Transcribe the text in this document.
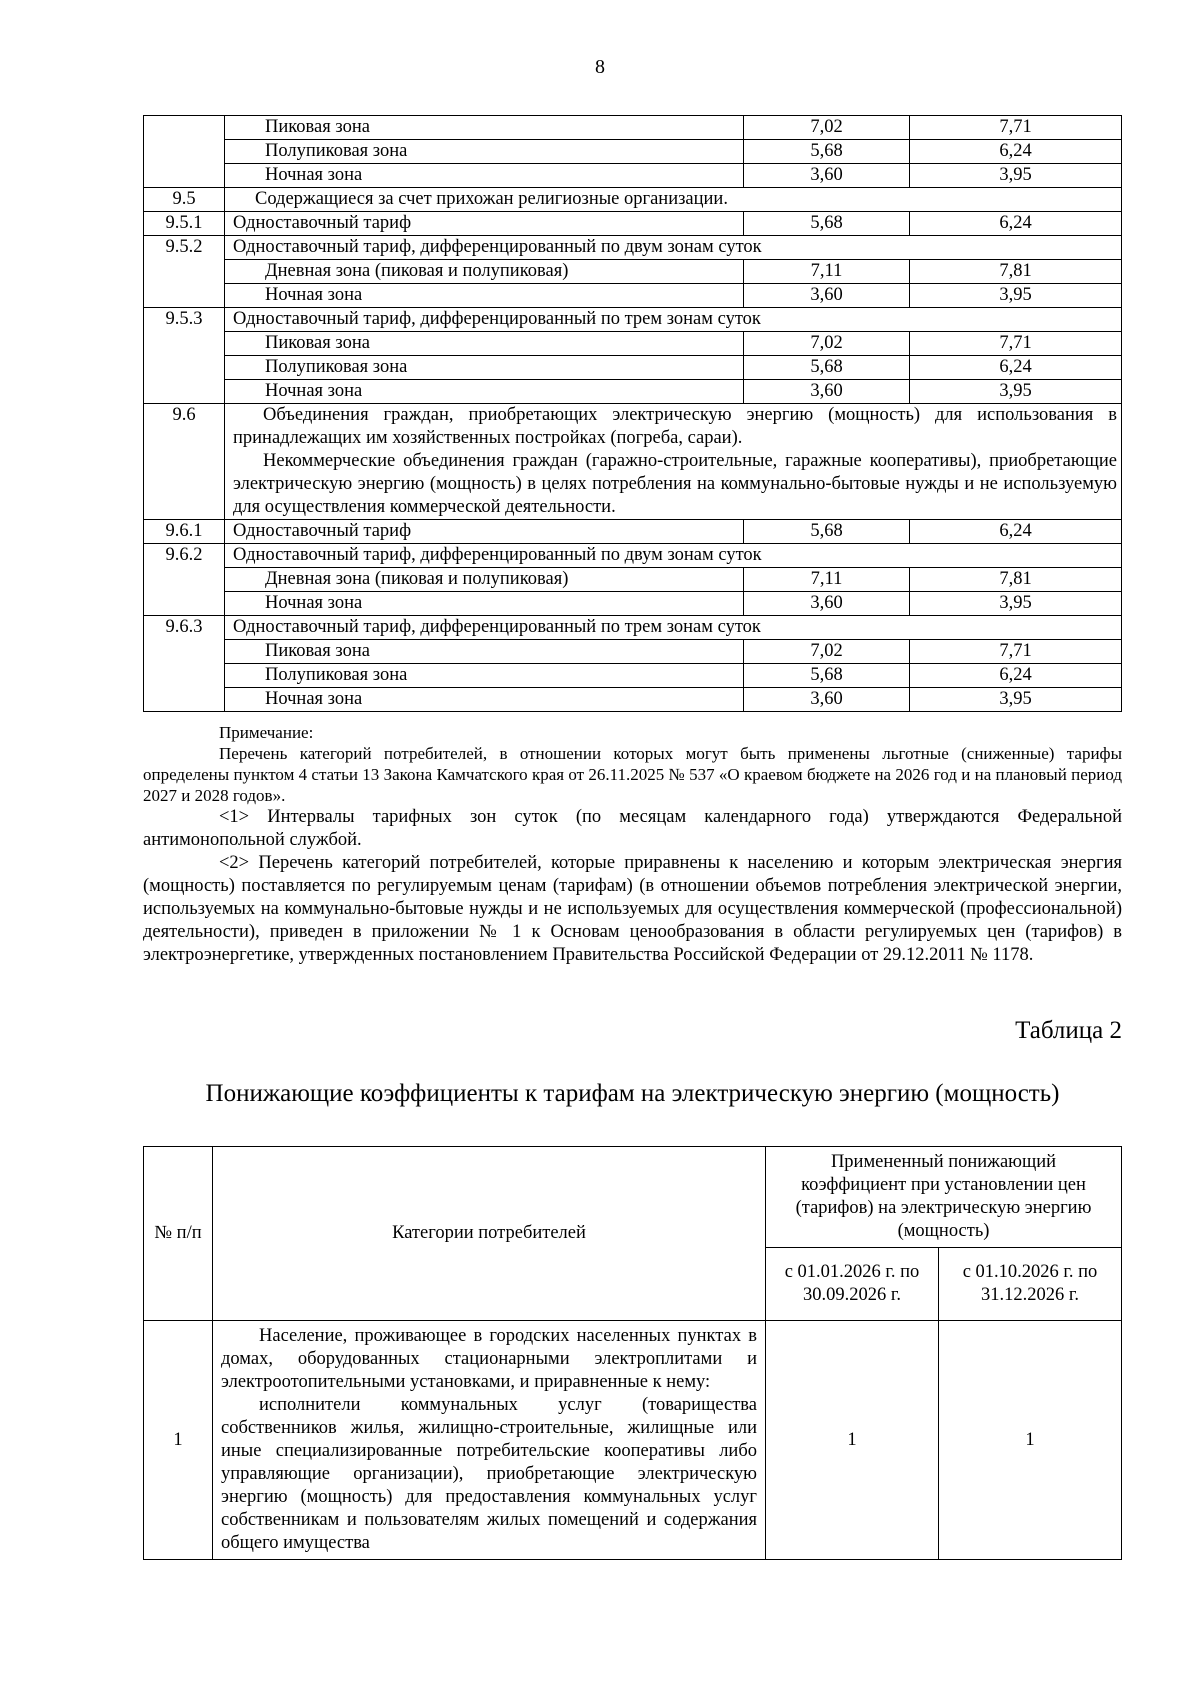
8
	Пиковая зона	7,02	7,71
	Полупиковая зона	5,68	6,24
	Ночная зона	3,60	3,95
9.5	Содержащиеся за счет прихожан религиозные организации.		
9.5.1	Одноставочный тариф	5,68	6,24
9.5.2	Одноставочный тариф, дифференцированный по двум зонам суток		
	Дневная зона (пиковая и полупиковая)	7,11	7,81
	Ночная зона	3,60	3,95
9.5.3	Одноставочный тариф, дифференцированный по трем зонам суток		
	Пиковая зона	7,02	7,71
	Полупиковая зона	5,68	6,24
	Ночная зона	3,60	3,95
9.6	Объединения граждан, приобретающих электрическую энергию (мощность) для использования в принадлежащих им хозяйственных постройках (погреба, сараи).
Некоммерческие объединения граждан (гаражно-строительные, гаражные кооперативы), приобретающие электрическую энергию (мощность) в целях потребления на коммунально-бытовые нужды и не используемую для осуществления коммерческой деятельности.		

9.6.1	Одноставочный тариф	5,68	6,24
9.6.2	Одноставочный тариф, дифференцированный по двум зонам суток		
	Дневная зона (пиковая и полупиковая)	7,11	7,81
	Ночная зона	3,60	3,95
9.6.3	Одноставочный тариф, дифференцированный по трем зонам суток		
	Пиковая зона	7,02	7,71
	Полупиковая зона	5,68	6,24
	Ночная зона	3,60	3,95
Примечание:

Перечень категорий потребителей, в отношении которых могут быть применены льготные (сниженные) тарифы определены пунктом 4 статьи 13 Закона Камчатского края от 26.11.2025 № 537 «О краевом бюджете на 2026 год и на плановый период 2027 и 2028 годов».

<1> Интервалы тарифных зон суток (по месяцам календарного года) утверждаются Федеральной антимонопольной службой.

<2> Перечень категорий потребителей, которые приравнены к населению и которым электрическая энергия (мощность) поставляется по регулируемым ценам (тарифам) (в отношении объемов потребления электрической энергии, используемых на коммунально-бытовые нужды и не используемых для осуществления коммерческой (профессиональной) деятельности), приведен в приложении № 1 к Основам ценообразования в области регулируемых цен (тарифов) в электроэнергетике, утвержденных постановлением Правительства Российской Федерации от 29.12.2011 № 1178.

Таблица 2
Понижающие коэффициенты к тарифам на электрическую энергию (мощность)
№ п/п	Категории потребителей	Примененный понижающий коэффициент при установлении цен (тарифов) на электрическую энергию (мощность)	
		с 01.01.2026 г. по 30.09.2026 г.	с 01.10.2026 г. по 31.12.2026 г.
1	Население, проживающее в городских населенных пунктах в домах, оборудованных стационарными электроплитами и электроотопительными установками, и приравненные к нему:

исполнители коммунальных услуг (товарищества собственников жилья, жилищно-строительные, жилищные или иные специализированные потребительские кооперативы либо управляющие организации), приобретающие электрическую энергию (мощность) для предоставления коммунальных услуг собственникам и пользователям жилых помещений и содержания общего имущества	1	1
